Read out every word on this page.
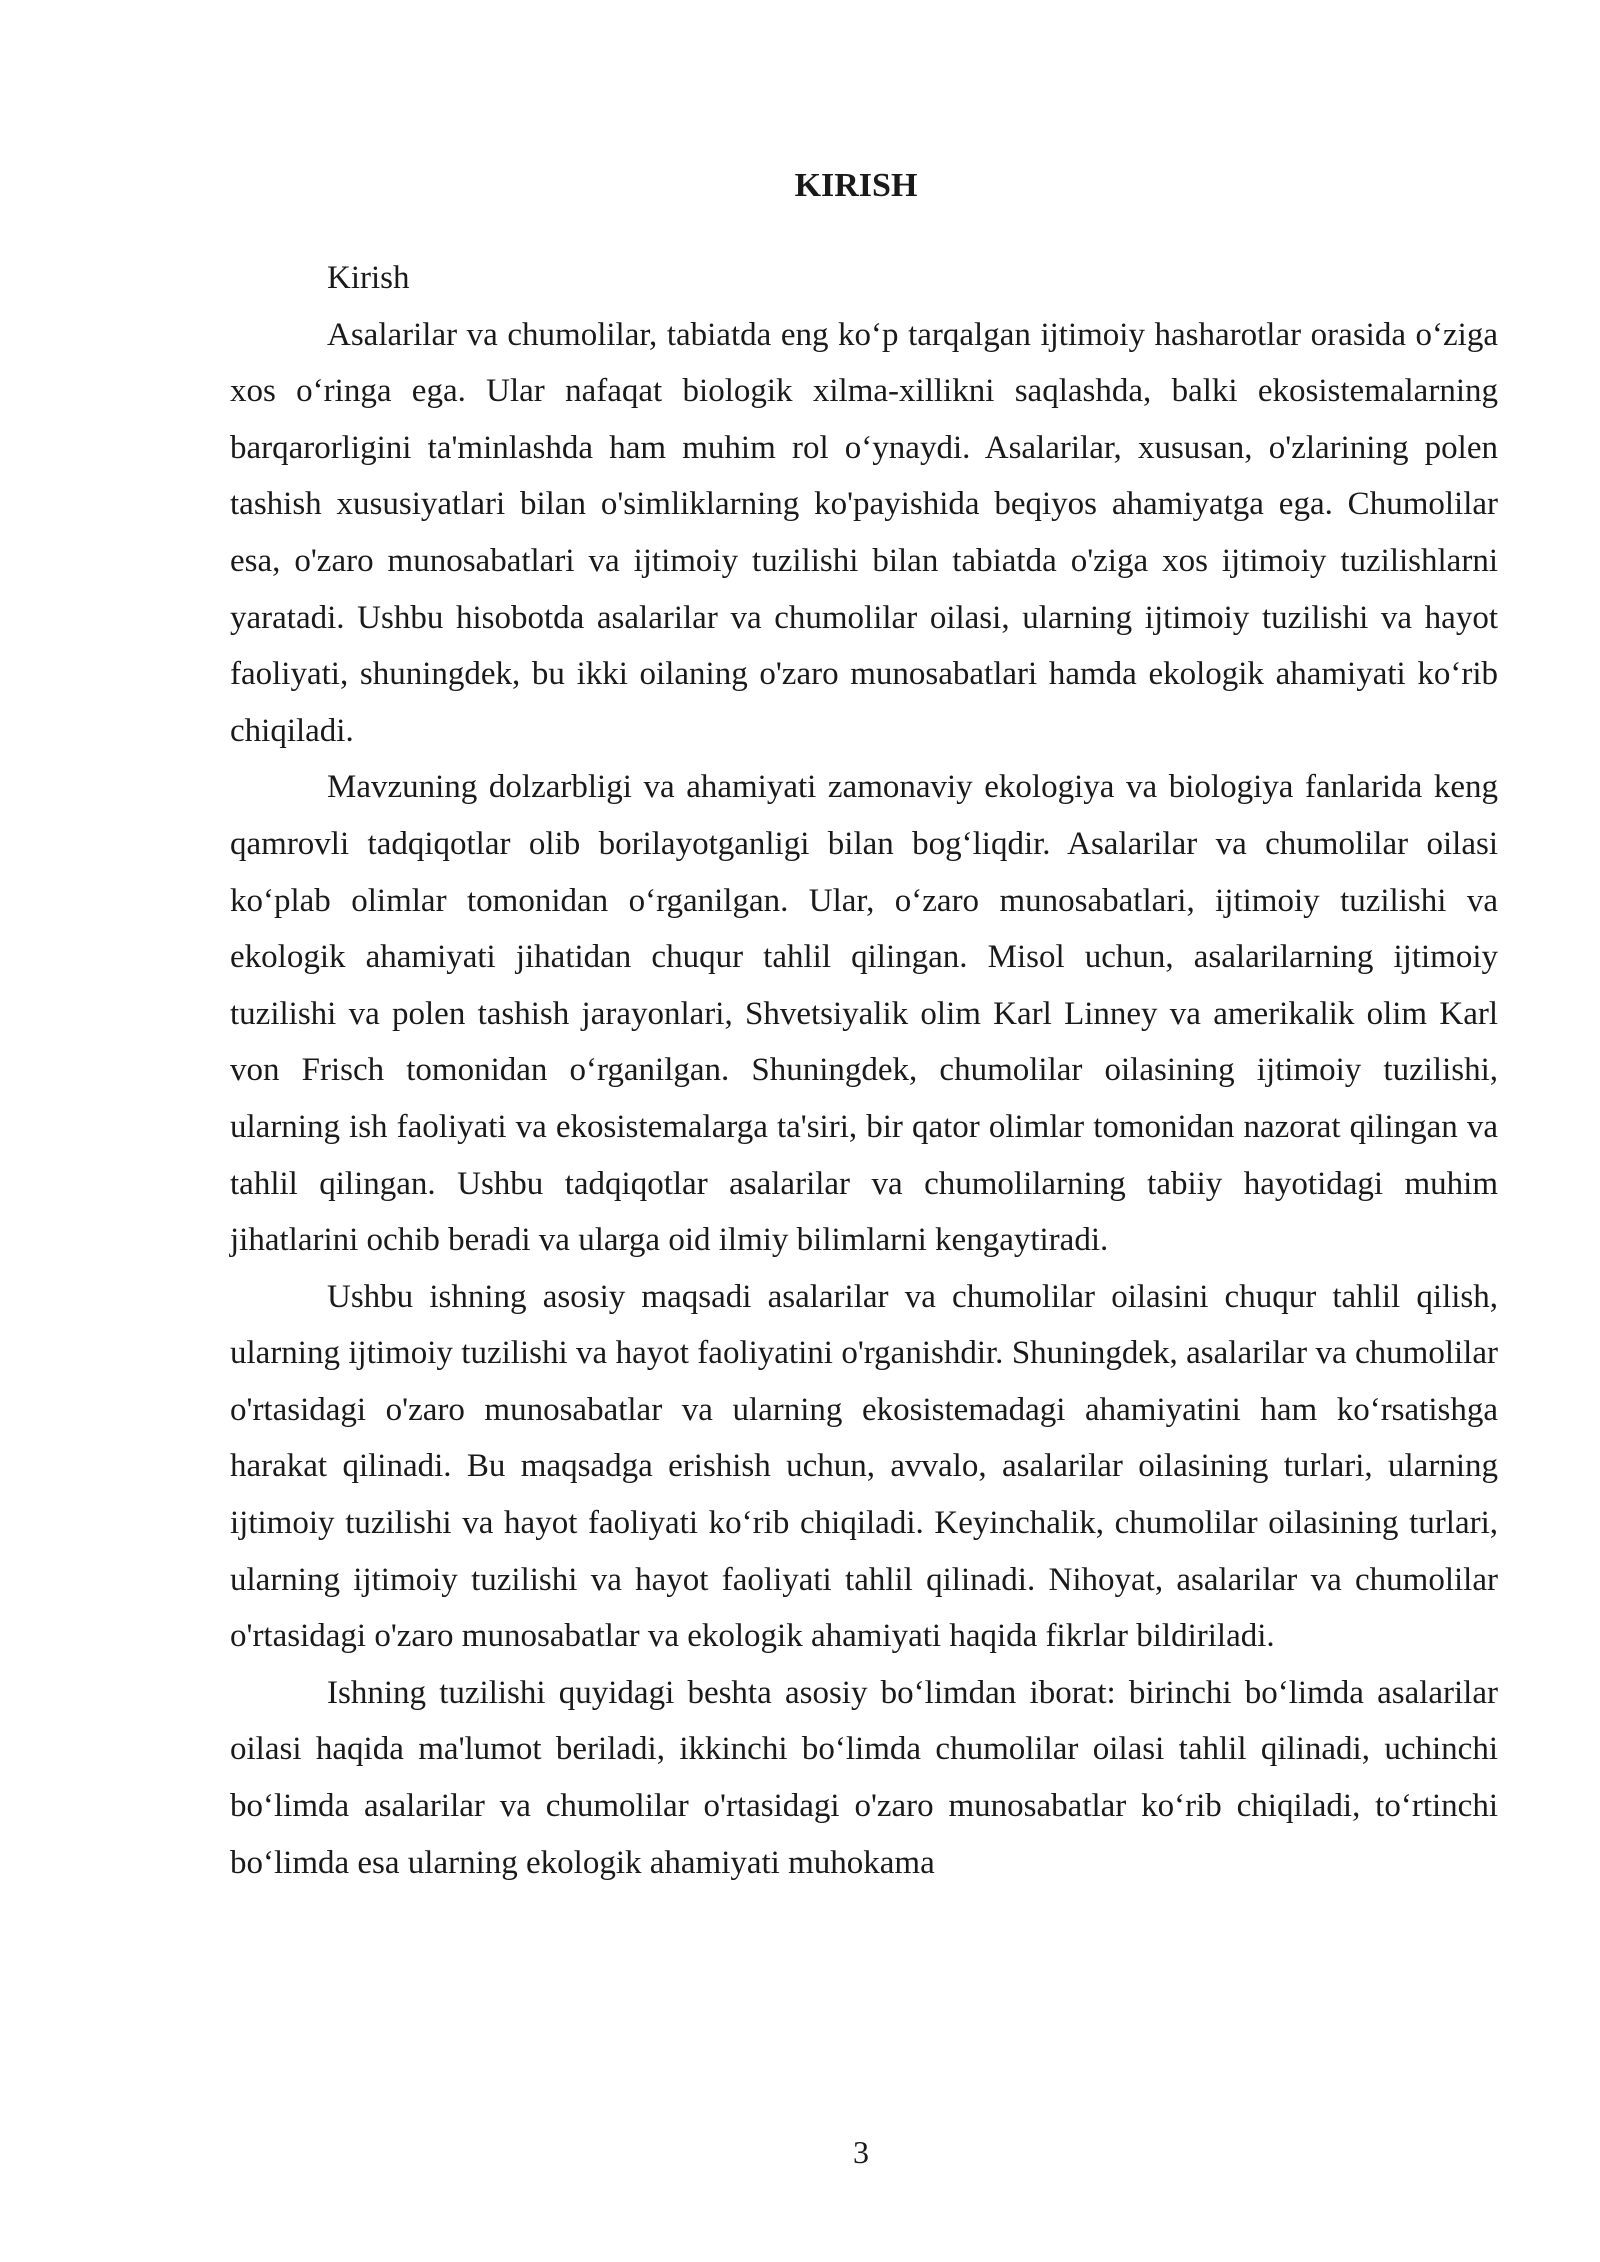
KIRISH

Kirish

Asalarilar va chumolilar, tabiatda eng ko‘p tarqalgan ijtimoiy hasharotlar orasida o‘ziga xos o‘ringa ega. Ular nafaqat biologik xilma-xillikni saqlashda, balki ekosistemalarning barqarorligini ta'minlashda ham muhim rol o‘ynaydi. Asalarilar, xususan, o'zlarining polen tashish xususiyatlari bilan o'simliklarning ko'payishida beqiyos ahamiyatga ega. Chumolilar esa, o'zaro munosabatlari va ijtimoiy tuzilishi bilan tabiatda o'ziga xos ijtimoiy tuzilishlarni yaratadi. Ushbu hisobotda asalarilar va chumolilar oilasi, ularning ijtimoiy tuzilishi va hayot faoliyati, shuningdek, bu ikki oilaning o'zaro munosabatlari hamda ekologik ahamiyati ko‘rib chiqiladi.

Mavzuning dolzarbligi va ahamiyati zamonaviy ekologiya va biologiya fanlarida keng qamrovli tadqiqotlar olib borilayotganligi bilan bog‘liqdir. Asalarilar va chumolilar oilasi ko‘plab olimlar tomonidan o‘rganilgan. Ular, o‘zaro munosabatlari, ijtimoiy tuzilishi va ekologik ahamiyati jihatidan chuqur tahlil qilingan. Misol uchun, asalarilarning ijtimoiy tuzilishi va polen tashish jarayonlari, Shvetsiyalik olim Karl Linney va amerikalik olim Karl von Frisch tomonidan o‘rganilgan. Shuningdek, chumolilar oilasining ijtimoiy tuzilishi, ularning ish faoliyati va ekosistemalarga ta'siri, bir qator olimlar tomonidan nazorat qilingan va tahlil qilingan. Ushbu tadqiqotlar asalarilar va chumolilarning tabiiy hayotidagi muhim jihatlarini ochib beradi va ularga oid ilmiy bilimlarni kengaytiradi.

Ushbu ishning asosiy maqsadi asalarilar va chumolilar oilasini chuqur tahlil qilish, ularning ijtimoiy tuzilishi va hayot faoliyatini o'rganishdir. Shuningdek, asalarilar va chumolilar o'rtasidagi o'zaro munosabatlar va ularning ekosistemadagi ahamiyatini ham ko‘rsatishga harakat qilinadi. Bu maqsadga erishish uchun, avvalo, asalarilar oilasining turlari, ularning ijtimoiy tuzilishi va hayot faoliyati ko‘rib chiqiladi. Keyinchalik, chumolilar oilasining turlari, ularning ijtimoiy tuzilishi va hayot faoliyati tahlil qilinadi. Nihoyat, asalarilar va chumolilar o'rtasidagi o'zaro munosabatlar va ekologik ahamiyati haqida fikrlar bildiriladi.

Ishning tuzilishi quyidagi beshta asosiy bo‘limdan iborat: birinchi bo‘limda asalarilar oilasi haqida ma'lumot beriladi, ikkinchi bo‘limda chumolilar oilasi tahlil qilinadi, uchinchi bo‘limda asalarilar va chumolilar o'rtasidagi o'zaro munosabatlar ko‘rib chiqiladi, to‘rtinchi bo‘limda esa ularning ekologik ahamiyati muhokama

3
